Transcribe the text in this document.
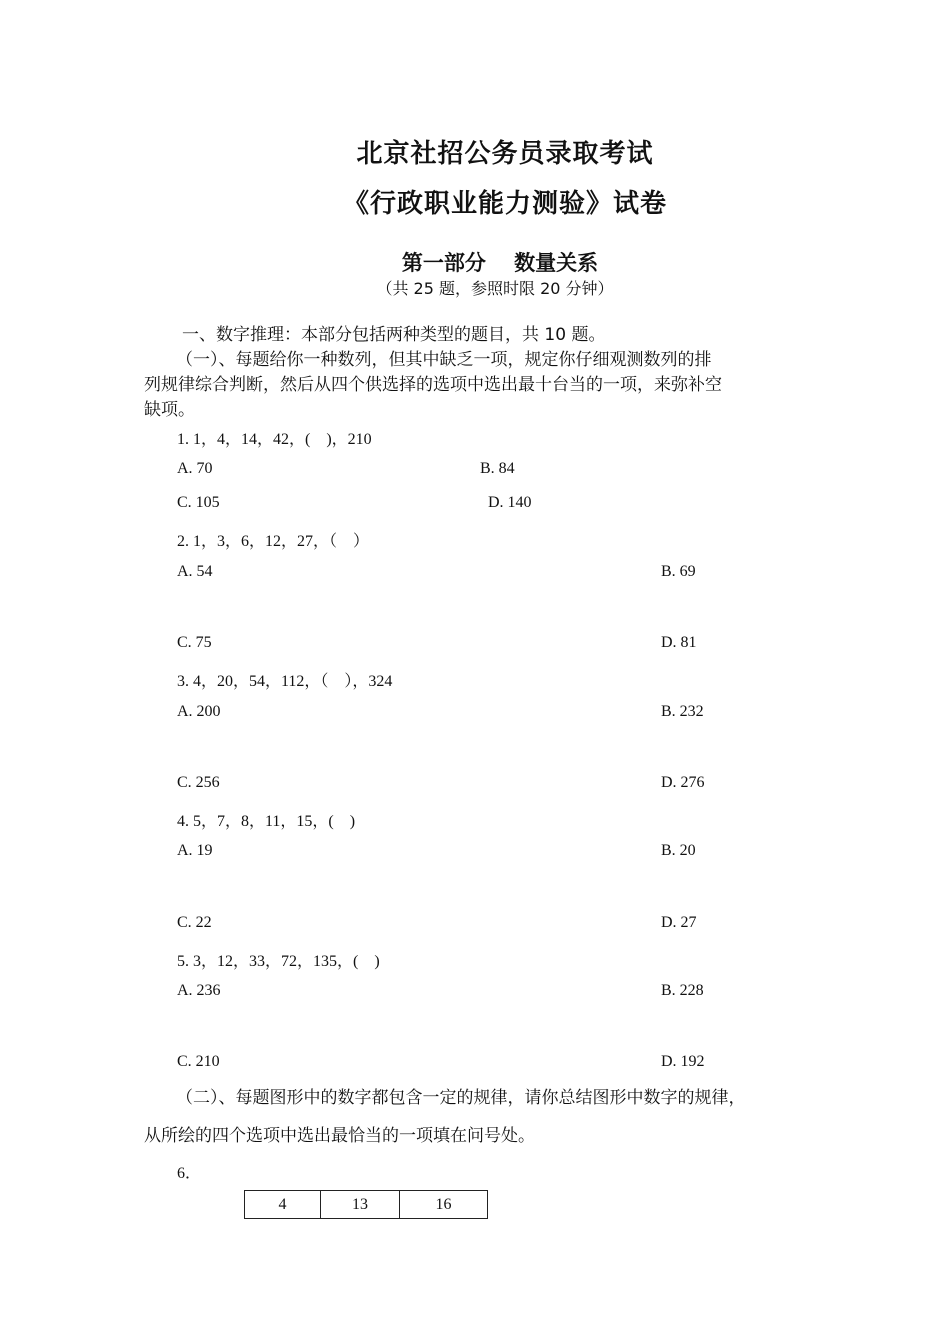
北京社招公务员录取考试
《行政职业能力测验》试卷
第一部分　 数量关系
（共 25 题，参照时限 20 分钟）
一、数字推理：本部分包括两种类型的题目，共 10 题。
（一）、每题给你一种数列，但其中缺乏一项，规定你仔细观测数列的排
列规律综合判断，然后从四个供选择的选项中选出最十台当的一项，来弥补空
缺项。
1. 1，4，14，42，(　)，210
A. 70	B. 84
C. 105	D. 140
2. 1，3，6，12，27，（　）
A. 54	B. 69
C. 75	D. 81
3. 4，20，54，112，（　），324
A. 200	B. 232
C. 256	D. 276
4. 5，7，8，11，15，(　)
A. 19	B. 20
C. 22	D. 27
5. 3，12，33，72，135，(　)
A. 236	B. 228
C. 210	D. 192
（二）、每题图形中的数字都包含一定的规律，请你总结图形中数字的规律，
从所绘的四个选项中选出最恰当的一项填在问号处。
6．
4	13	16
